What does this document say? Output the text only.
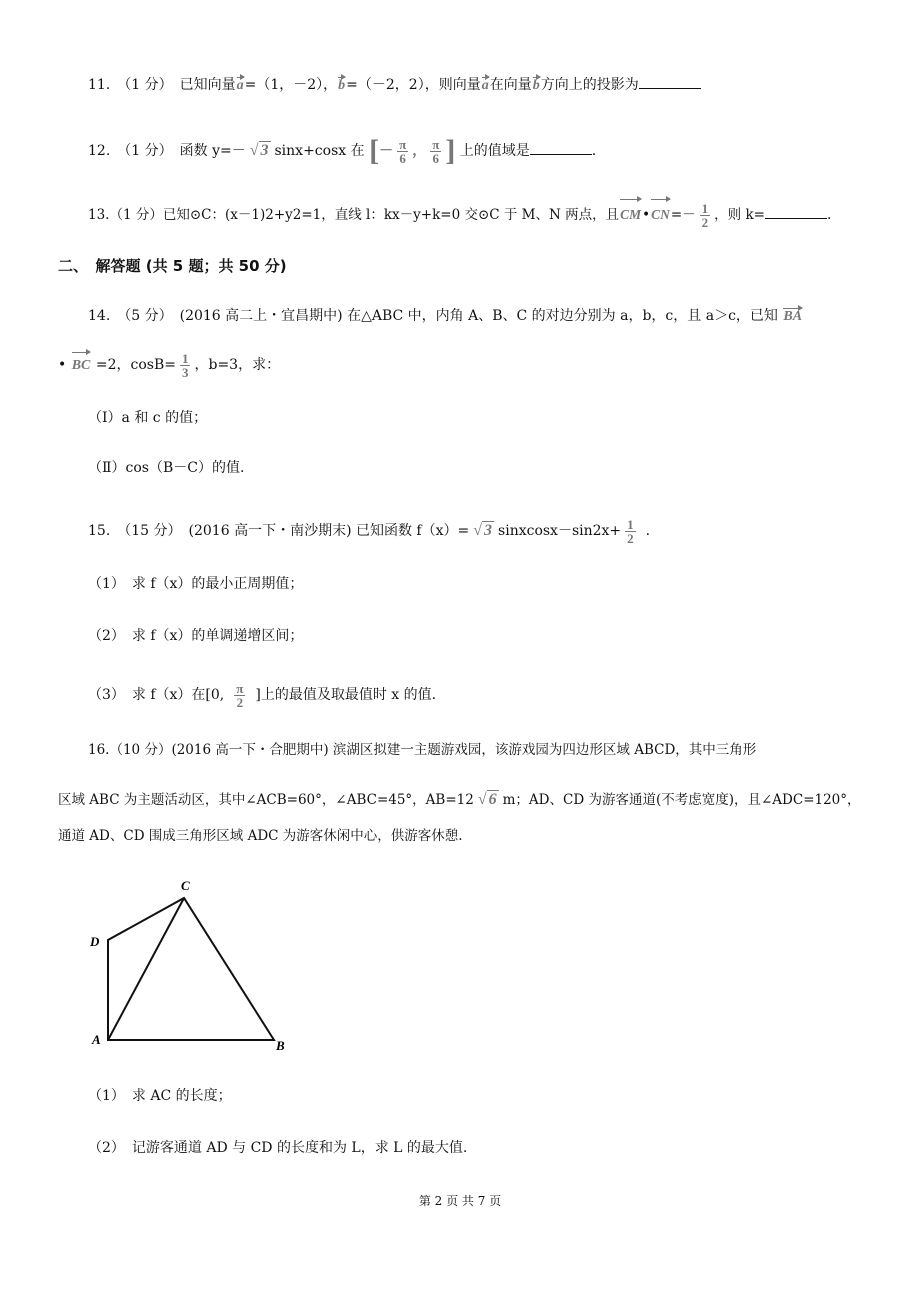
11.　（1 分）　已知向量a=（1，﻿－2），b=（－2，2），则向量a在向量b方向上的投影为
12.　（1 分）　函数 y=－ √ 3 sinx+cosx 在 [－ $\frac{\pi}{6}$ ， $\frac{\pi}{6}$ ] 上的值域是	.
13.（1 分）已知⊙C：(x－1)2+y2=1，直线 l：kx－y+k=0 交⊙C 于 M、N 两点，且CM•CN=－ $\frac{1}{2}$ ，则 k=	.
二、　解答题 (共 5 题；共 50 分)
14.　（5 分）　(2016 高二上・宜昌期中) 在△ABC 中，内角 A、B、C 的对边分别为 a，b，c，且 a＞c，已知 BA
• BC =2，$\cos B= \frac{1}{3}$ ，b=3，求：
（Ⅰ）a 和 c 的值；
（Ⅱ）cos（B﻿－C）的值.
15.　（15 分）　(2016 高一下・南沙期末) 已知函数 f（x）= √ 3 sinxcosx－sin2x+ $\frac{1}{2}$ .
（1）　求 f（x）的最小正周期值；
（2）　求 f（x）的单调递增区间；
（3）　求 f（x）在[0, $\frac{\pi}{2}$ ]上的最值及取最值时 x 的值.
16.（10 分）(2016 高一下・合肥期中) 滨湖区拟建一主题游戏园，该游戏园为四边形区域 ABCD，其中三角形
区域 ABC 为主题活动区，其中∠ACB=60°，∠ABC=45°，AB=12 √ 6 m；AD、CD 为游客通道(不考虑宽度)，且∠ADC=120°，
通道 AD、CD 围成三角形区域 ADC 为游客休闲中心，供游客休憩.
C
D
A	B
（1）　求 AC 的长度；
（2）　记游客通道 AD 与 CD 的长度和为 L，求 L 的最大值.
第 2 页 共 7 页
